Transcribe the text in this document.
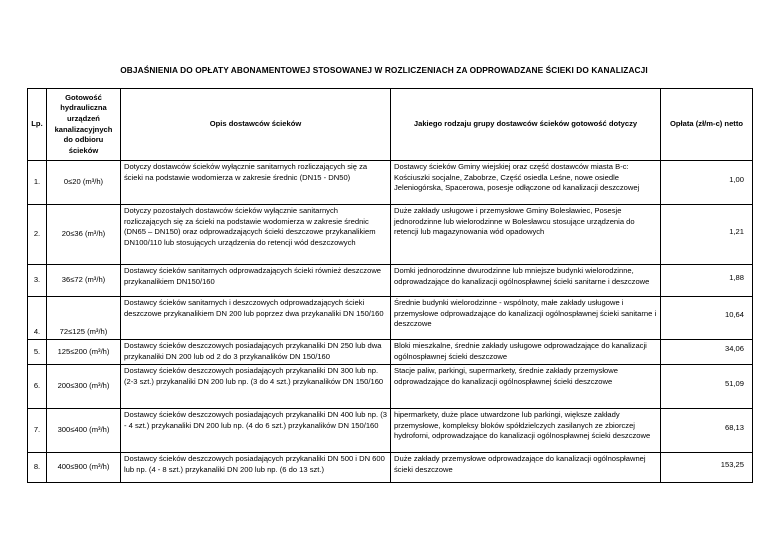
OBJAŚNIENIA DO OPŁATY ABONAMENTOWEJ STOSOWANEJ W ROZLICZENIACH ZA ODPROWADZANE ŚCIEKI DO KANALIZACJI
Lp.	Gotowość hydrauliczna urządzeń kanalizacyjnych do odbioru ścieków	Opis dostawców ścieków	Jakiego rodzaju grupy dostawców ścieków gotowość dotyczy	Opłata (zł/m-c) netto
1.	0≤20 (m³/h)	Dotyczy dostawców ścieków wyłącznie sanitarnych rozliczających się za ścieki na podstawie wodomierza w zakresie średnic (DN15 - DN50)	Dostawcy ścieków Gminy wiejskiej oraz część dostawców miasta B-c: Kościuszki socjalne, Zabobrze, Część osiedla Leśne, nowe osiedle Jeleniogórska, Spacerowa, posesje odłączone od kanalizacji deszczowej	1,00
2.	20≤36 (m³/h)	Dotyczy pozostałych dostawców ścieków wyłącznie sanitarnych rozliczających się za ścieki na podstawie wodomierza w zakresie średnic (DN65 – DN150) oraz odprowadzających ścieki deszczowe przykanalikiem DN100/110 lub stosujących urządzenia do retencji wód deszczowych	Duże zakłady usługowe i przemysłowe Gminy Bolesławiec, Posesje jednorodzinne lub wielorodzinne w Bolesławcu stosujące urządzenia do retencji lub magazynowania wód opadowych	1,21
3.	36≤72 (m³/h)	Dostawcy ścieków sanitarnych odprowadzających ścieki również deszczowe przykanalikiem DN150/160	Domki jednorodzinne dwurodzinne lub mniejsze budynki wielorodzinne, odprowadzające do kanalizacji ogólnospławnej ścieki sanitarne i deszczowe	1,88
4.	72≤125 (m³/h)	Dostawcy ścieków sanitarnych i deszczowych odprowadzających ścieki deszczowe przykanalikiem DN 200 lub poprzez dwa przykanaliki DN 150/160	Średnie budynki wielorodzinne - wspólnoty, małe zakłady usługowe i przemysłowe odprowadzające do kanalizacji ogólnospławnej ścieki sanitarne i deszczowe	10,64
5.	125≤200 (m³/h)	Dostawcy ścieków deszczowych posiadających przykanaliki DN 250 lub dwa przykanaliki DN 200 lub od 2 do 3 przykanalików DN 150/160	Bloki mieszkalne, średnie zakłady usługowe odprowadzające do kanalizacji ogólnospławnej ścieki deszczowe	34,06
6.	200≤300 (m³/h)	Dostawcy ścieków deszczowych posiadających przykanaliki DN 300 lub np. (2-3 szt.) przykanaliki DN 200 lub np. (3 do 4 szt.) przykanalików DN 150/160	Stacje paliw, parkingi, supermarkety, średnie zakłady przemysłowe odprowadzające do kanalizacji ogólnospławnej ścieki deszczowe	51,09
7.	300≤400 (m³/h)	Dostawcy ścieków deszczowych posiadających przykanaliki DN 400 lub np. (3 - 4 szt.) przykanaliki DN 200 lub np. (4 do 6 szt.) przykanalików DN 150/160	hipermarkety, duże place utwardzone lub parkingi, większe zakłady przemysłowe, kompleksy bloków spółdzielczych zasilanych ze zbiorczej hydroforni, odprowadzające do kanalizacji ogólnospławnej ścieki deszczowe	68,13
8.	400≤900 (m³/h)	Dostawcy ścieków deszczowych posiadających przykanaliki DN 500 i DN 600 lub np. (4 - 8 szt.) przykanaliki DN 200 lub np. (6 do 13 szt.)	Duże zakłady przemysłowe odprowadzające do kanalizacji ogólnospławnej ścieki deszczowe	153,25
